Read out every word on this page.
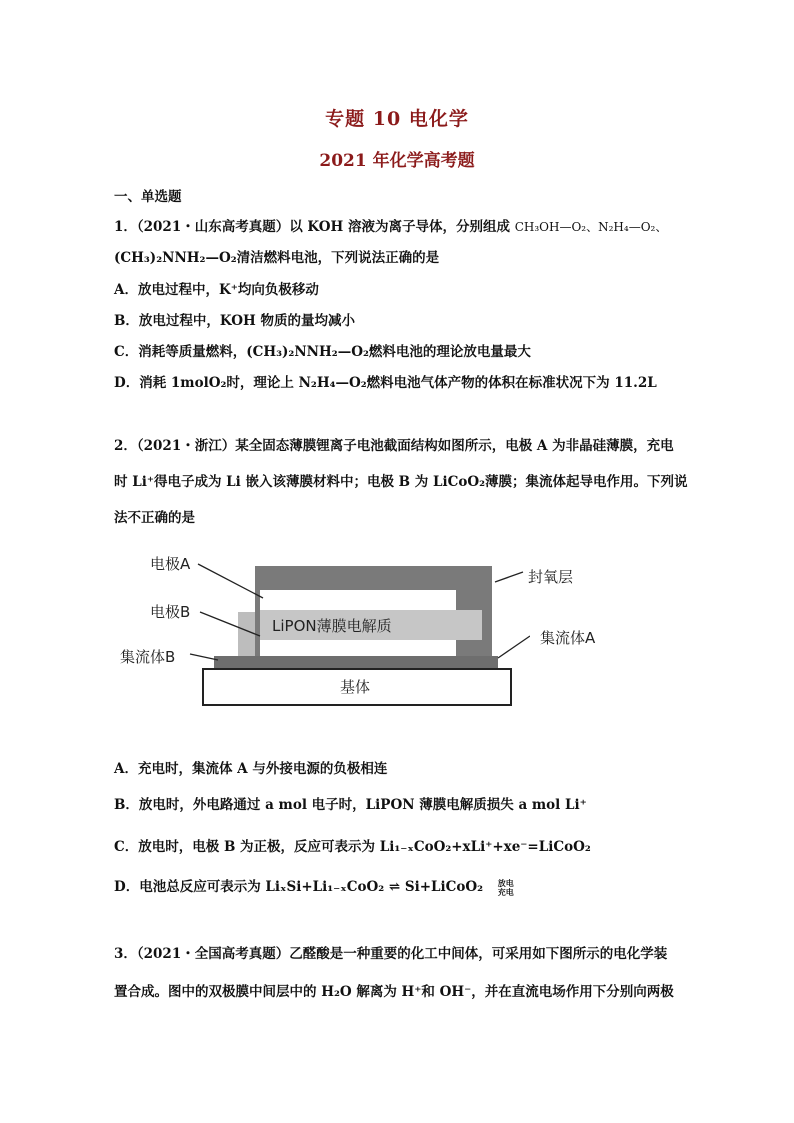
专题 10 电化学
2021 年化学高考题
一、单选题
1．（2021・山东高考真题）以 KOH 溶液为离子导体，分别组成 CH₃OH—O₂、N₂H₄—O₂、
(CH₃)₂NNH₂—O₂清洁燃料电池，下列说法正确的是
A．放电过程中，K⁺均向负极移动
B．放电过程中，KOH 物质的量均减小
C．消耗等质量燃料，(CH₃)₂NNH₂—O₂燃料电池的理论放电量最大
D．消耗 1molO₂时，理论上 N₂H₄—O₂燃料电池气体产物的体积在标准状况下为 11.2L
2．（2021・浙江）某全固态薄膜锂离子电池截面结构如图所示，电极 A 为非晶硅薄膜，充电
时 Li⁺得电子成为 Li 嵌入该薄膜材料中；电极 B 为 LiCoO₂薄膜；集流体起导电作用。下列说
法不正确的是
基体
LiPON薄膜电解质
电极A
电极B
集流体B
封氧层
集流体A
A．充电时，集流体 A 与外接电源的负极相连
B．放电时，外电路通过 a mol 电子时，LiPON 薄膜电解质损失 a mol Li⁺
C．放电时，电极 B 为正极，反应可表示为 Li₁₋ₓCoO₂+xLi⁺+xe⁻=LiCoO₂
D．电池总反应可表示为 LiₓSi+Li₁₋ₓCoO₂ ⇌ Si+LiCoO₂ 放电
充电
3．（2021・全国高考真题）乙醛酸是一种重要的化工中间体，可采用如下图所示的电化学装
置合成。图中的双极膜中间层中的 H₂O 解离为 H⁺和 OH⁻，并在直流电场作用下分别向两极
